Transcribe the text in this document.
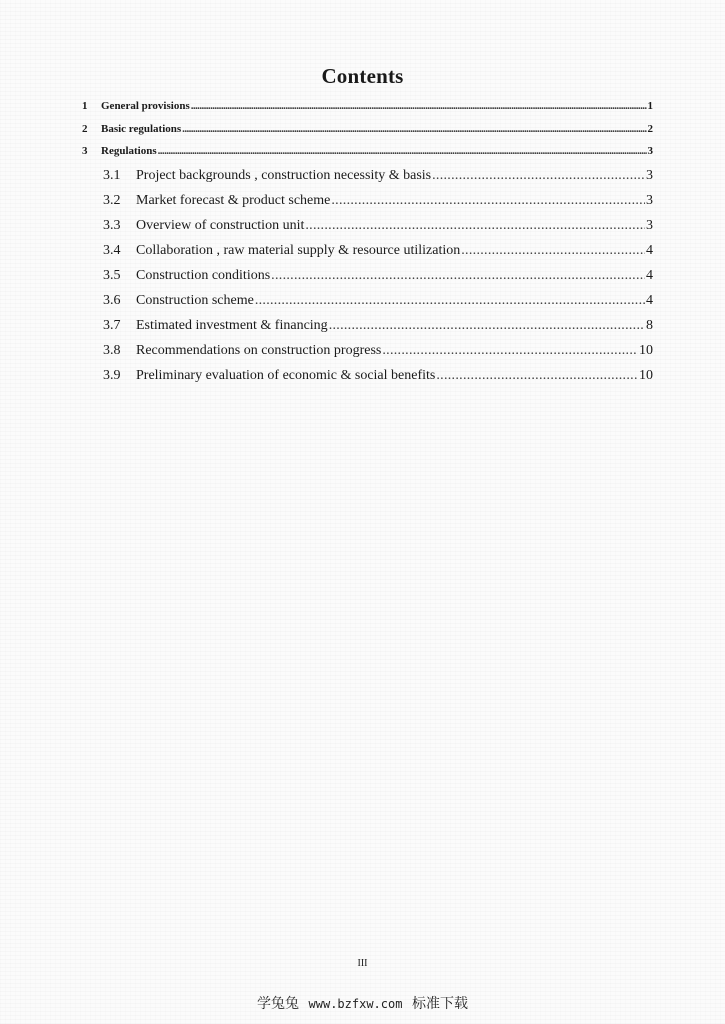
Contents
1	General provisions .....	1
2	Basic regulations .....	2
3	Regulations .....	3
3.1	Project backgrounds , construction necessity & basis .....	3
3.2	Market forecast & product scheme .....	3
3.3	Overview of construction unit .....	3
3.4	Collaboration , raw material supply & resource utilization .....	4
3.5	Construction conditions .....	4
3.6	Construction scheme .....	4
3.7	Estimated investment & financing .....	8
3.8	Recommendations on construction progress .....	10
3.9	Preliminary evaluation of economic & social benefits .....	10
III
学兔兔 www.bzfxw.com 标准下载
